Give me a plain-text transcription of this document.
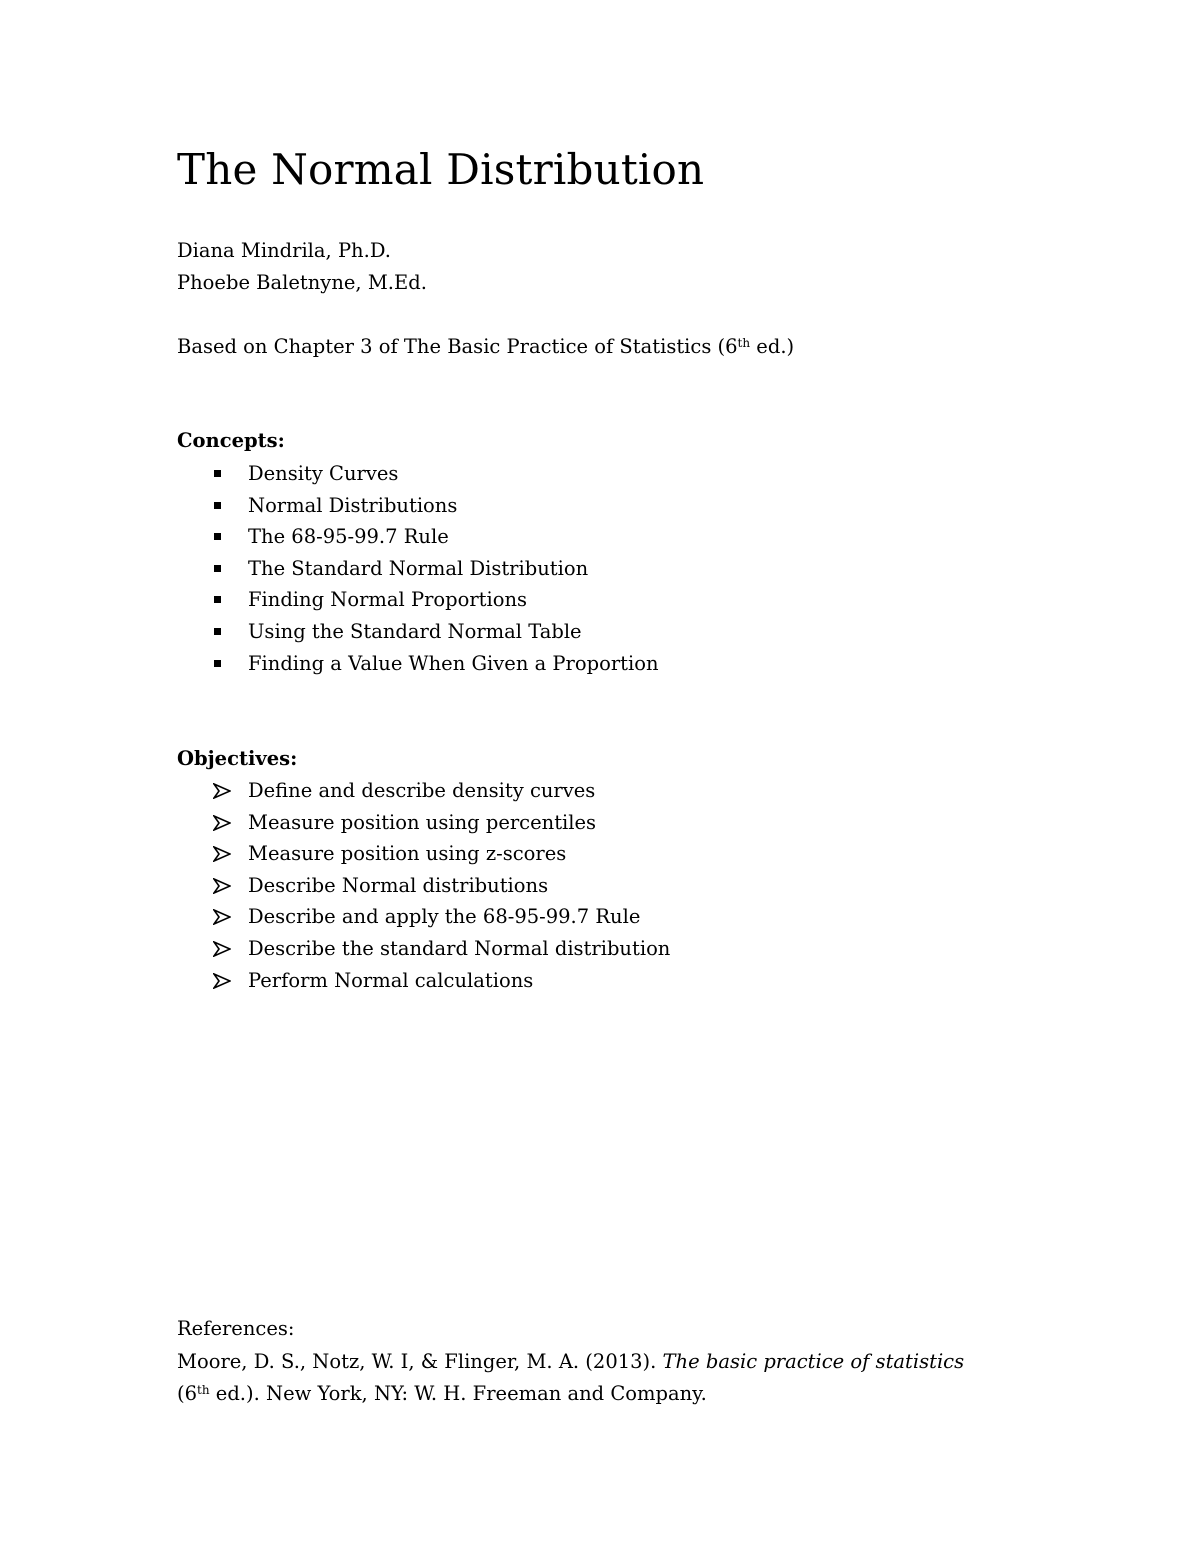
The Normal Distribution

Diana Mindrila, Ph.D.

Phoebe Baletnyne, M.Ed.

Based on Chapter 3 of The Basic Practice of Statistics (6th ed.)

Concepts:

Density Curves
Normal Distributions
The 68-95-99.7 Rule
The Standard Normal Distribution
Finding Normal Proportions
Using the Standard Normal Table
Finding a Value When Given a Proportion

Objectives:

Define and describe density curves
Measure position using percentiles
Measure position using z-scores
Describe Normal distributions
Describe and apply the 68-95-99.7 Rule
Describe the standard Normal distribution
Perform Normal calculations

References:

Moore, D. S., Notz, W. I, & Flinger, M. A. (2013). The basic practice of statistics (6th ed.). New York, NY: W. H. Freeman and Company.
